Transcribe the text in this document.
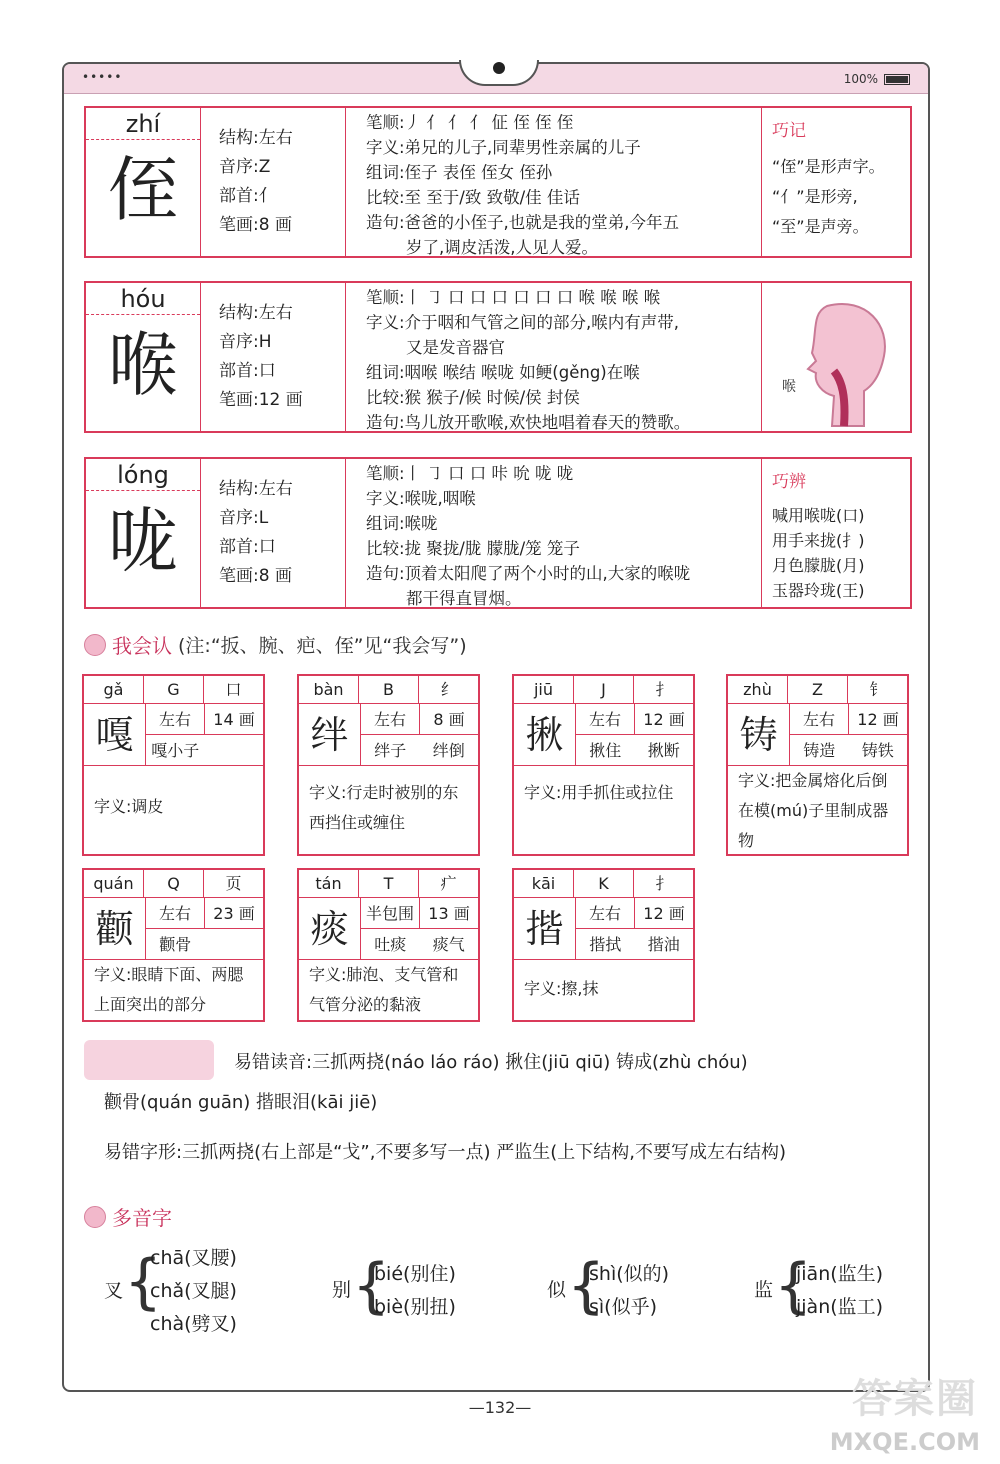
•••••	100%
zhí
侄
结构:左右
音序:Z
部首:亻
笔画:8 画
笔顺:丿 亻 亻 亻 佂 侄 侄 侄
字义:弟兄的儿子,同辈男性亲属的儿子
组词:侄子 表侄 侄女 侄孙
比较:至 至于/致 致敬/佳 佳话
造句:爸爸的小侄子,也就是我的堂弟,今年五
岁了,调皮活泼,人见人爱。
巧记
“侄”是形声字。
“亻”是形旁,
“至”是声旁。
hóu
喉
结构:左右
音序:H
部首:口
笔画:12 画
笔顺:丨 ㇆ 口 口 口 口 口 口 喉 喉 喉 喉
字义:介于咽和气管之间的部分,喉内有声带,
又是发音器官
组词:咽喉 喉结 喉咙 如鲠(gěng)在喉
比较:猴 猴子/候 时候/侯 封侯
造句:鸟儿放开歌喉,欢快地唱着春天的赞歌。
喉
lóng
咙
结构:左右
音序:L
部首:口
笔画:8 画
笔顺:丨 ㇆ 口 口 咔 吮 咙 咙
字义:喉咙,咽喉
组词:喉咙
比较:拢 聚拢/胧 朦胧/笼 笼子
造句:顶着太阳爬了两个小时的山,大家的喉咙
都干得直冒烟。
巧辨
喊用喉咙(口)
用手来拢(扌)
月色朦胧(月)
玉器玲珑(王)
我会认 (注:“扳、腕、疤、侄”见“我会写”)
gǎ	G	口
嘎	左右	14 画
嘎小子
字义:调皮
bàn	B	纟
绊	左右	8 画
绊子	绊倒
字义:行走时被别的东西挡住或缠住
jiū	J	扌
揪	左右	12 画
揪住	揪断
字义:用手抓住或拉住
zhù	Z	钅
铸	左右	12 画
铸造	铸铁
字义:把金属熔化后倒在模(mú)子里制成器物
quán	Q	页
颧	左右	23 画
颧骨
字义:眼睛下面、两腮上面突出的部分
tán	T	疒
痰	半包围 13 画
吐痰	痰气
字义:肺泡、支气管和气管分泌的黏液
kāi	K	扌
揩	左右	12 画
揩拭	揩油
字义:擦,抹
易错读音:三抓两挠(náo láo ráo) 揪住(jiū qiū) 铸成(zhù chóu)
颧骨(quán guān) 揩眼泪(kāi jiē)
易错字形:三抓两挠(右上部是“戈”,不要多写一点) 严监生(上下结构,不要写成左右结构)
多音字
叉 {
chā(叉腰)
chǎ(叉腿)
chà(劈叉)
别 {
bié(别住)
biè(别扭)
似 {
shì(似的)
sì(似乎)
监 {
jiān(监生)
jiàn(监工)
—132—	答案圈
MXQE.COM
